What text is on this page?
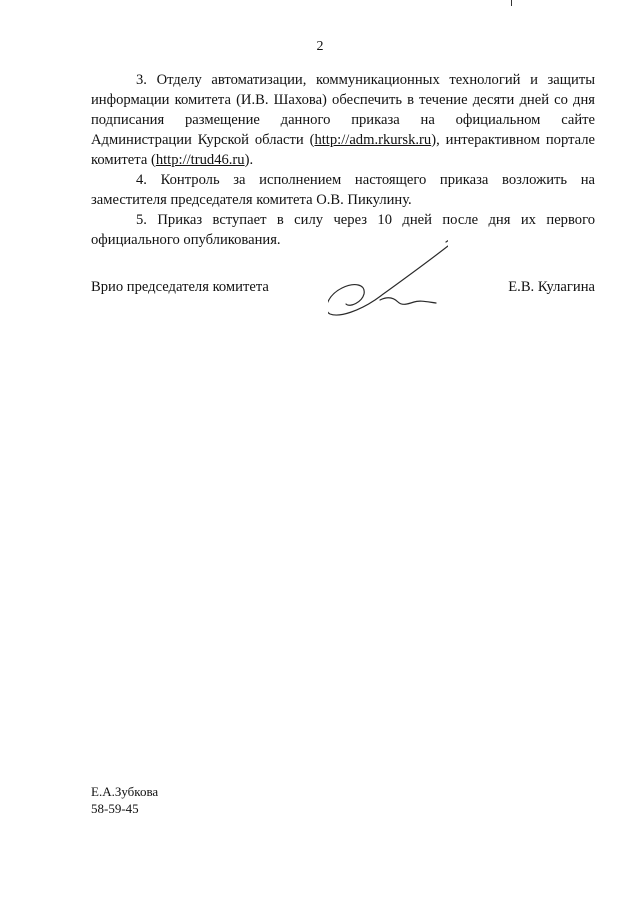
2

3. Отделу автоматизации, коммуникационных технологий и защиты информации комитета (И.В. Шахова) обеспечить в течение десяти дней со дня подписания размещение данного приказа на официальном сайте Администрации Курской области (http://adm.rkursk.ru), интерактивном портале комитета (http://trud46.ru).

4. Контроль за исполнением настоящего приказа возложить на заместителя председателя комитета О.В. Пикулину.

5. Приказ вступает в силу через 10 дней после дня их первого официального опубликования.

Врио председателя комитета	Е.В. Кулагина
Е.А.Зубкова
58-59-45
